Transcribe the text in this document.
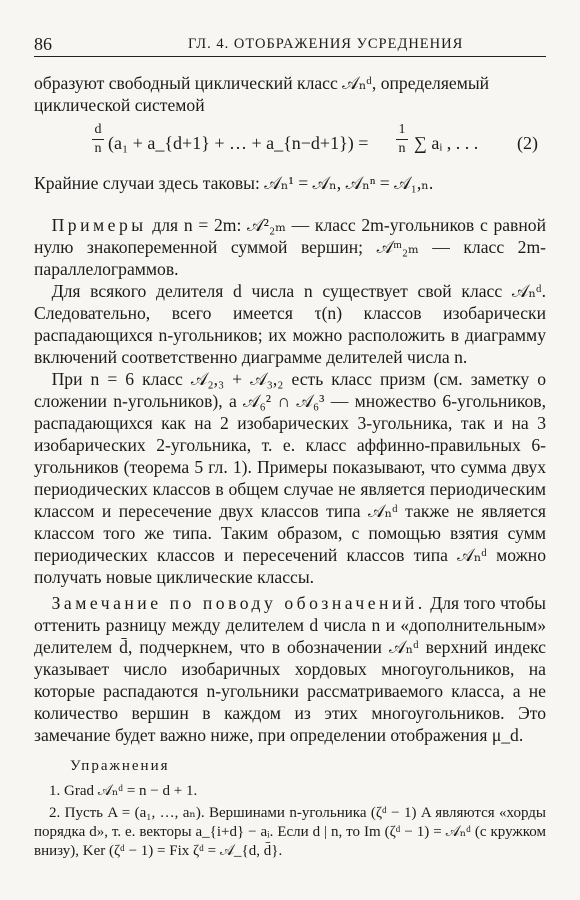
86	ГЛ. 4. ОТОБРАЖЕНИЯ УСРЕДНЕНИЯ
образуют свободный циклический класс 𝒜ₙᵈ, определяемый
циклической системой
d
n (a₁ + a_{d+1} + … + a_{n−d+1}) =
1
n ∑ aᵢ , . . . (2)
Крайние случаи здесь таковы: 𝒜ₙ¹ = 𝒜ₙ, 𝒜ₙⁿ = 𝒜₁,ₙ.

 Примеры для n = 2m: 𝒜²₂ₘ — класс 2m-угольников с равной нулю знакопеременной суммой вершин; 𝒜ᵐ₂ₘ — класс 2m-параллелограммов.

 Для всякого делителя d числа n существует свой класс 𝒜ₙᵈ. Следовательно, всего имеется τ(n) классов изобарически распадающихся n-угольников; их можно расположить в диаграмму включений соответственно диаграмме делителей числа n.

 При n = 6 класс 𝒜₂,₃ + 𝒜₃,₂ есть класс призм (см. заметку о сложении n-угольников), а 𝒜₆² ∩ 𝒜₆³ — множество 6-угольников, распадающихся как на 2 изобарических 3-угольника, так и на 3 изобарических 2-угольника, т. е. класс аффинно-правильных 6-угольников (теорема 5 гл. 1). Примеры показывают, что сумма двух периодических классов в общем случае не является периодическим классом и пересечение двух классов типа 𝒜ₙᵈ также не является классом того же типа. Таким образом, с помощью взятия сумм периодических классов и пересечений классов типа 𝒜ₙᵈ можно получать новые циклические классы.

 Замечание по поводу обозначений. Для того чтобы оттенить разницу между делителем d числа n и «дополнительным» делителем d̄, подчеркнем, что в обозначении 𝒜ₙᵈ верхний индекс указывает число изобаричных хордовых многоугольников, на которые распадаются n-угольники рассматриваемого класса, а не количество вершин в каждом из этих многоугольников. Это замечание будет важно ниже, при определении отображения μ_d.

Упражнения

 1. Grad 𝒜ₙᵈ = n − d + 1.

 2. Пусть A = (a₁, …, aₙ). Вершинами n-угольника (ζᵈ − 1) A являются «хорды порядка d», т. е. векторы a_{i+d} − aᵢ. Если d | n, то Im (ζᵈ − 1) = 𝒜ₙᵈ (с кружком внизу), Ker (ζᵈ − 1) = Fix ζᵈ = 𝒜_{d, d̄}.
